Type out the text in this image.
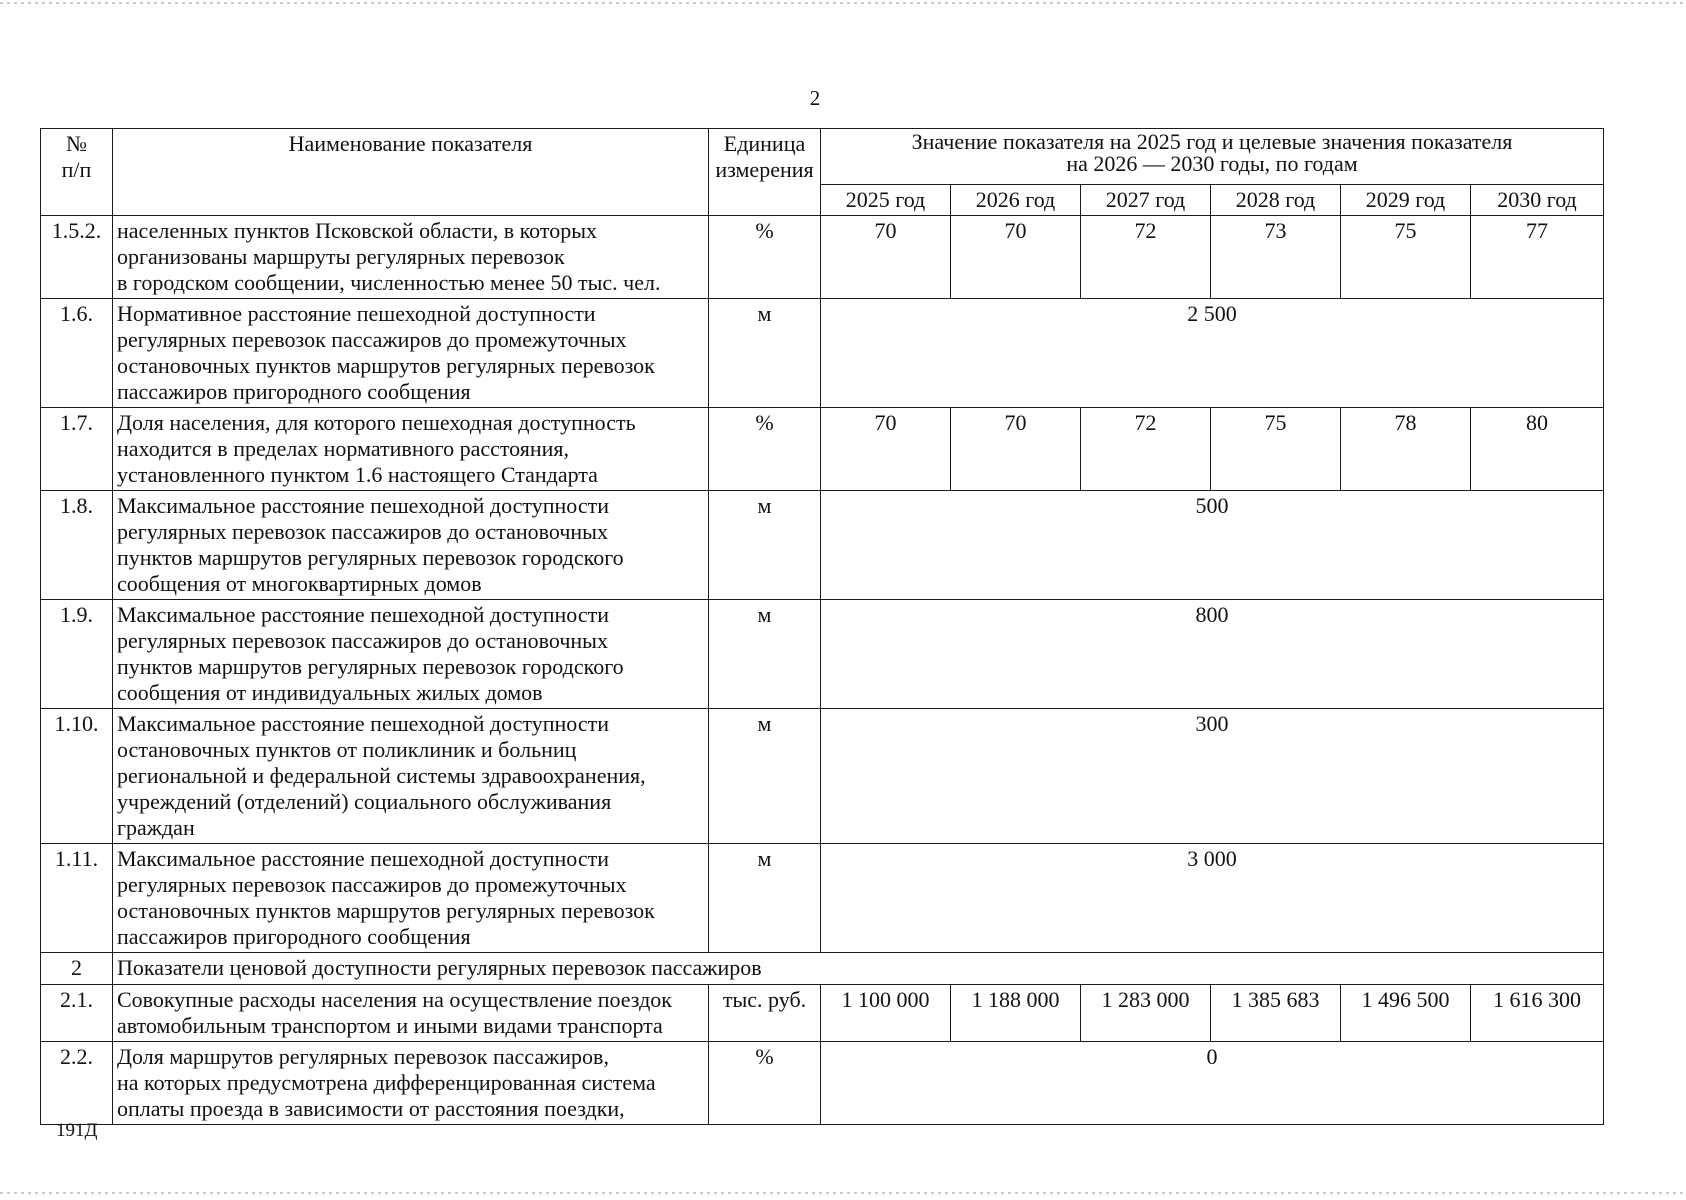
2
№
п/п	Наименование показателя	Единица
измерения	Значение показателя на 2025 год и целевые значения показателя
на 2026 — 2030 годы, по годам					
			2025 год	2026 год	2027 год	2028 год	2029 год	2030 год
1.5.2.	населенных пунктов Псковской области, в которых
организованы маршруты регулярных перевозок
в городском сообщении, численностью менее 50 тыс. чел.	%	70	70	72	73	75	77
1.6.	Нормативное расстояние пешеходной доступности
регулярных перевозок пассажиров до промежуточных
остановочных пунктов маршрутов регулярных перевозок
пассажиров пригородного сообщения	м	2 500					
1.7.	Доля населения, для которого пешеходная доступность
находится в пределах нормативного расстояния,
установленного пунктом 1.6 настоящего Стандарта	%	70	70	72	75	78	80
1.8.	Максимальное расстояние пешеходной доступности
регулярных перевозок пассажиров до остановочных
пунктов маршрутов регулярных перевозок городского
сообщения от многоквартирных домов	м	500					
1.9.	Максимальное расстояние пешеходной доступности
регулярных перевозок пассажиров до остановочных
пунктов маршрутов регулярных перевозок городского
сообщения от индивидуальных жилых домов	м	800					
1.10.	Максимальное расстояние пешеходной доступности
остановочных пунктов от поликлиник и больниц
региональной и федеральной системы здравоохранения,
учреждений (отделений) социального обслуживания
граждан	м	300					
1.11.	Максимальное расстояние пешеходной доступности
регулярных перевозок пассажиров до промежуточных
остановочных пунктов маршрутов регулярных перевозок
пассажиров пригородного сообщения	м	3 000					
2	Показатели ценовой доступности регулярных перевозок пассажиров							
2.1.	Совокупные расходы населения на осуществление поездок
автомобильным транспортом и иными видами транспорта	тыс. руб.	1 100 000	1 188 000	1 283 000	1 385 683	1 496 500	1 616 300
2.2.	Доля маршрутов регулярных перевозок пассажиров,
на которых предусмотрена дифференцированная система
оплаты проезда в зависимости от расстояния поездки,	%	0					
191Д
